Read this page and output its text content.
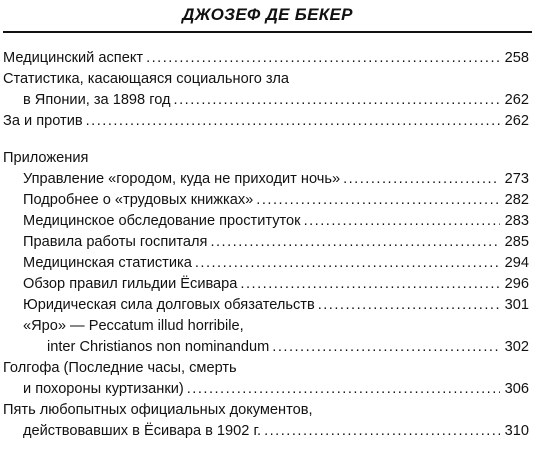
ДЖОЗЕФ ДЕ БЕКЕР
Медицинский аспект .....	258
Статистика, касающаяся социального зла
в Японии, за 1898 год .....	262
За и против .....	262
Приложения
Управление «городом, куда не приходит ночь» .....	273
Подробнее о «трудовых книжках» .....	282
Медицинское обследование проституток .....	283
Правила работы госпиталя .....	285
Медицинская статистика .....	294
Обзор правил гильдии Ёсивара .....	296
Юридическая сила долговых обязательств .....	301
«Яро» — Peccatum illud horribile,
inter Christianos non nominandum .....	302
Голгофа (Последние часы, смерть
и похороны куртизанки) .....	306
Пять любопытных официальных документов,
действовавших в Ёсивара в 1902 г. .....	310
